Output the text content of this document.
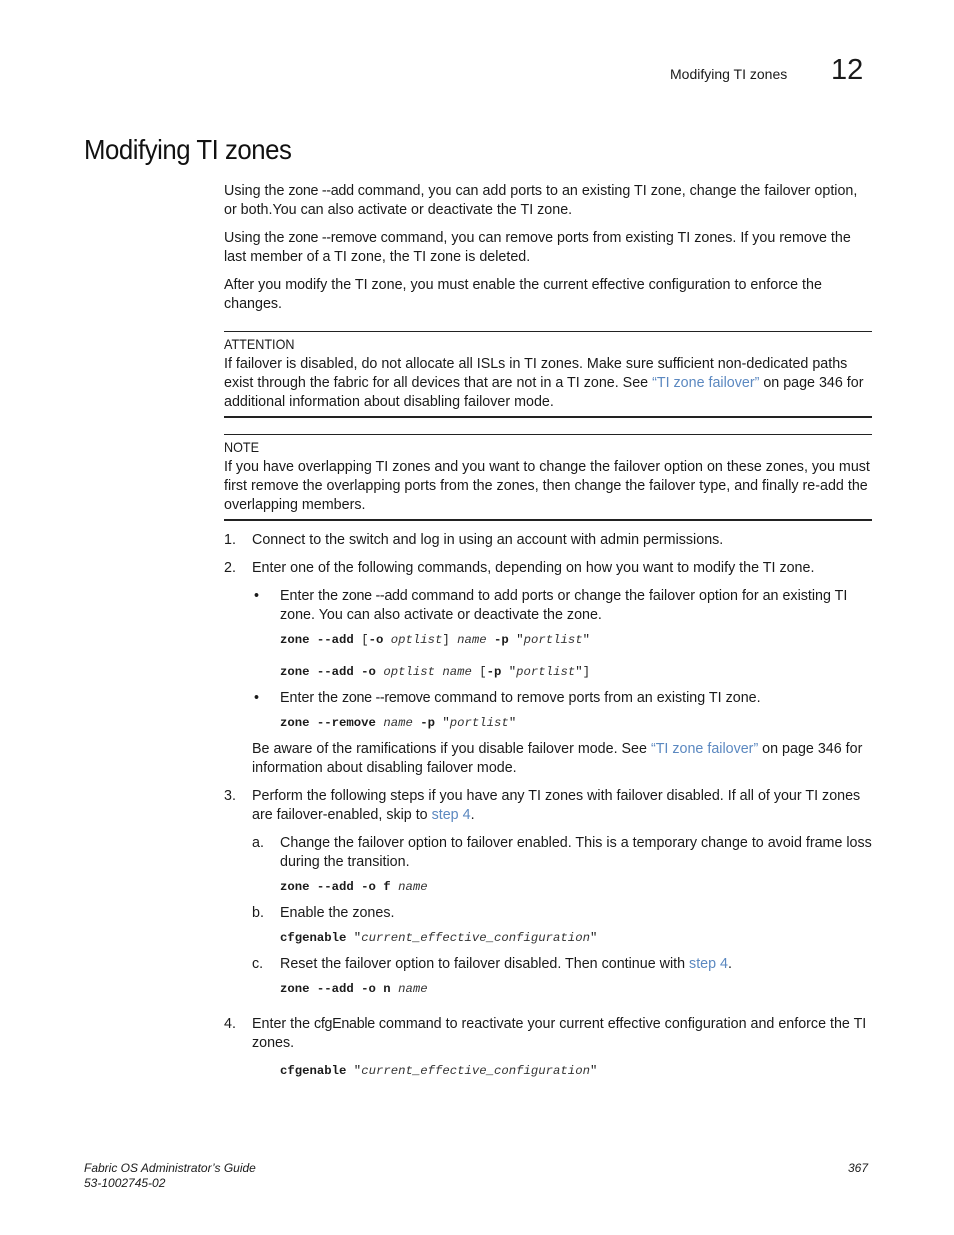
Modifying TI zones 12
Modifying TI zones

Using the zone --add command, you can add ports to an existing TI zone, change the failover option, or both.You can also activate or deactivate the TI zone.

Using the zone --remove command, you can remove ports from existing TI zones. If you remove the last member of a TI zone, the TI zone is deleted.

After you modify the TI zone, you must enable the current effective configuration to enforce the changes.

ATTENTION

If failover is disabled, do not allocate all ISLs in TI zones. Make sure sufficient non-dedicated paths exist through the fabric for all devices that are not in a TI zone. See “TI zone failover” on page 346 for additional information about disabling failover mode.

NOTE

If you have overlapping TI zones and you want to change the failover option on these zones, you must first remove the overlapping ports from the zones, then change the failover type, and finally re-add the overlapping members.

1. Connect to the switch and log in using an account with admin permissions.
2. Enter one of the following commands, depending on how you want to modify the TI zone.
• Enter the zone --add command to add ports or change the failover option for an existing TI zone. You can also activate or deactivate the zone.
zone --add [-o optlist] name -p "portlist"
zone --add -o optlist name [-p "portlist"]
• Enter the zone --remove command to remove ports from an existing TI zone.
zone --remove name -p "portlist"

Be aware of the ramifications if you disable failover mode. See “TI zone failover” on page 346 for information about disabling failover mode.

3. Perform the following steps if you have any TI zones with failover disabled. If all of your TI zones are failover-enabled, skip to step 4.
a. Change the failover option to failover enabled. This is a temporary change to avoid frame loss during the transition.
zone --add -o f name
b. Enable the zones.
cfgenable "current_effective_configuration"
c. Reset the failover option to failover disabled. Then continue with step 4.
zone --add -o n name
4. Enter the cfgEnable command to reactivate your current effective configuration and enforce the TI zones.
cfgenable "current_effective_configuration"
Fabric OS Administrator’s Guide
53-1002745-02
367
